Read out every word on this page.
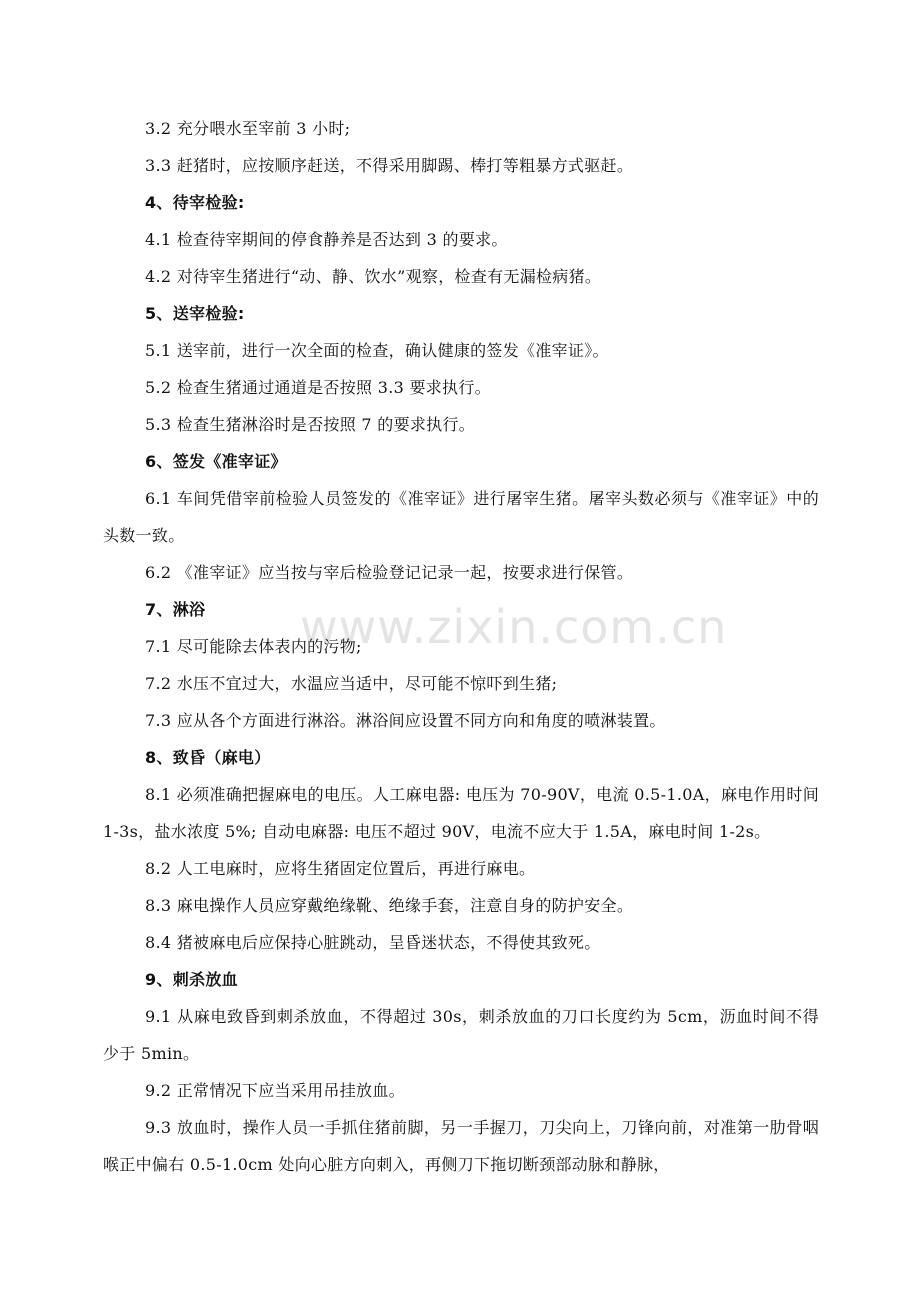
www.zixin.com.cn
3.2 充分喂水至宰前 3 小时;
3.3 赶猪时，应按顺序赶送，不得采用脚踢、棒打等粗暴方式驱赶。
4、待宰检验:
4.1 检查待宰期间的停食静养是否达到 3 的要求。
4.2 对待宰生猪进行“动、静、饮水”观察，检查有无漏检病猪。
5、送宰检验:
5.1 送宰前，进行一次全面的检查，确认健康的签发《准宰证》。
5.2 检查生猪通过通道是否按照 3.3 要求执行。
5.3 检查生猪淋浴时是否按照 7 的要求执行。
6、签发《准宰证》
6.1 车间凭借宰前检验人员签发的《准宰证》进行屠宰生猪。屠宰头数必须与《准宰证》中的头数一致。
6.2 《准宰证》应当按与宰后检验登记记录一起，按要求进行保管。
7、淋浴
7.1 尽可能除去体表内的污物;
7.2 水压不宜过大，水温应当适中，尽可能不惊吓到生猪;
7.3 应从各个方面进行淋浴。淋浴间应设置不同方向和角度的喷淋装置。
8、致昏（麻电）
8.1 必须准确把握麻电的电压。人工麻电器: 电压为 70-90V，电流 0.5-1.0A，麻电作用时间 1-3s，盐水浓度 5%; 自动电麻器: 电压不超过 90V，电流不应大于 1.5A，麻电时间 1-2s。
8.2 人工电麻时，应将生猪固定位置后，再进行麻电。
8.3 麻电操作人员应穿戴绝缘靴、绝缘手套，注意自身的防护安全。
8.4 猪被麻电后应保持心脏跳动，呈昏迷状态，不得使其致死。
9、刺杀放血
9.1 从麻电致昏到刺杀放血，不得超过 30s，刺杀放血的刀口长度约为 5cm，沥血时间不得少于 5min。
9.2 正常情况下应当采用吊挂放血。
9.3 放血时，操作人员一手抓住猪前脚，另一手握刀，刀尖向上，刀锋向前，对准第一肋骨咽喉正中偏右 0.5-1.0cm 处向心脏方向刺入，再侧刀下拖切断颈部动脉和静脉，
